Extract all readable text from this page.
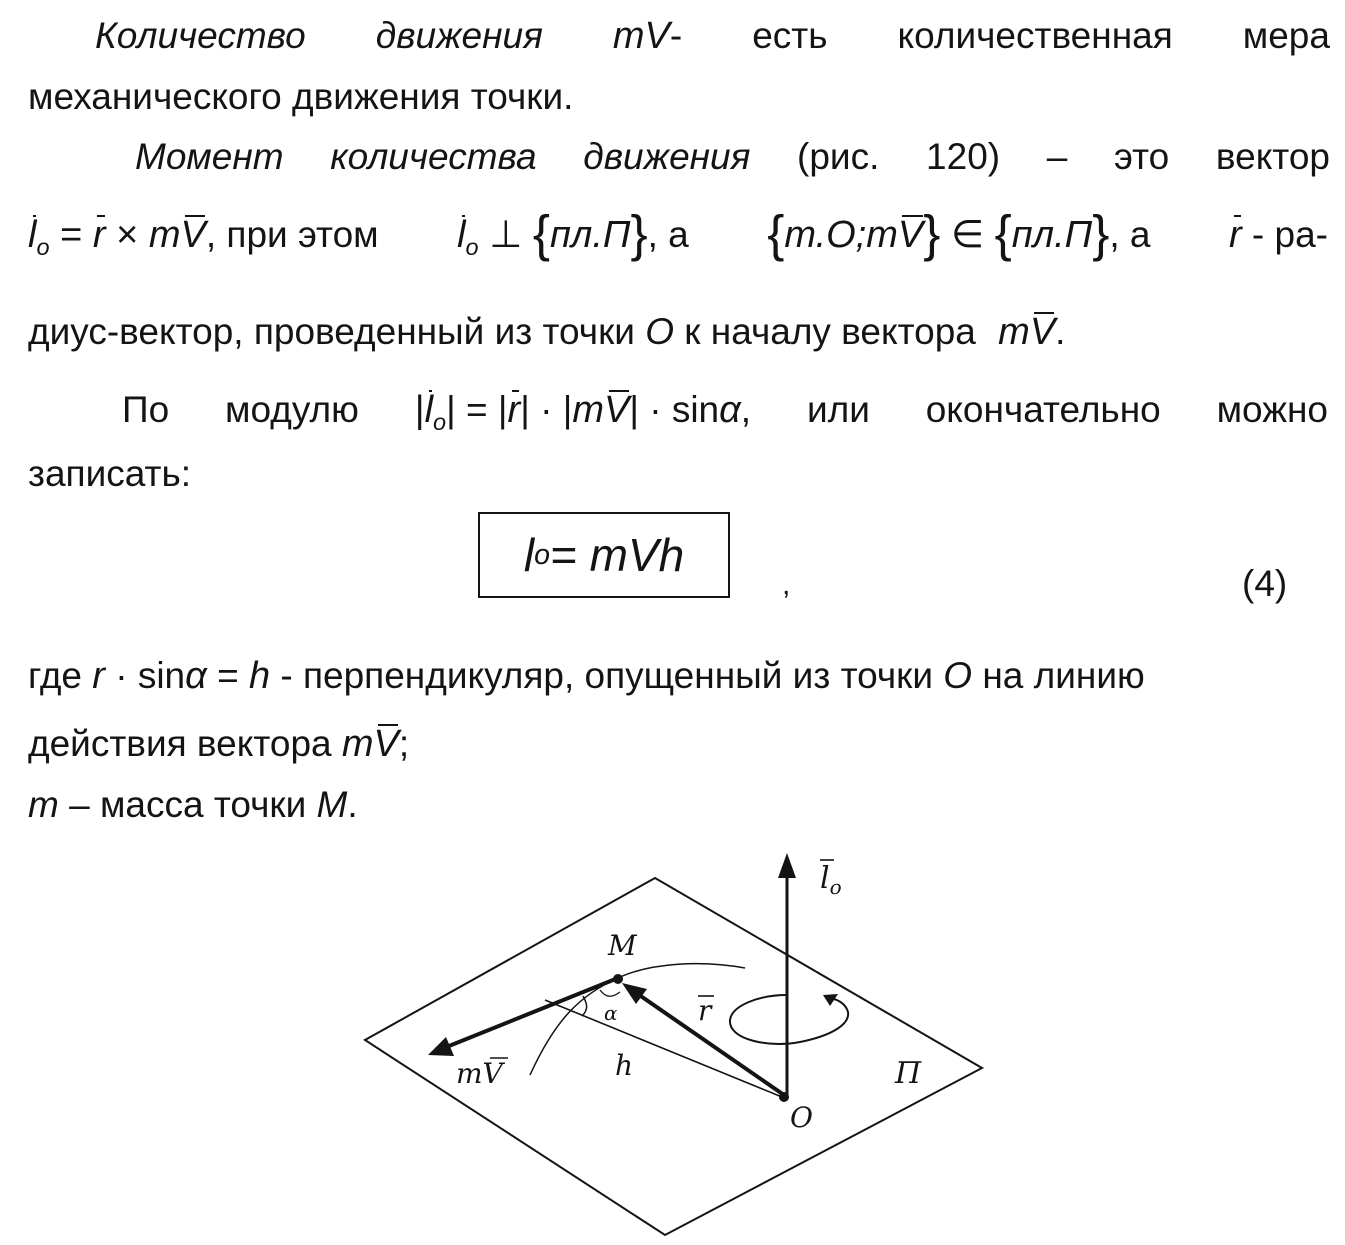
Количество движения mV- есть количественная мера
механического движения точки.
Момент количества движения (рис. 120) – это вектор
$l_o = r$ × mV, при этом $l_o$ ⊥ {пл.П}, а {т.О;mV} ∈ {пл.П}, а r - ра-
диус-вектор, проведенный из точки О к началу вектора mV.
По модулю $|l_o| = |r| \cdot |mV| \cdot \sin\alpha$, или окончательно можно
записать:
l o = mVh
,	(4)
где r · sinα = h - перпендикуляр, опущенный из точки О на линию
действия вектора mV;
m – масса точки М.
$l_o$
M
α	r
h
mV
O
П
